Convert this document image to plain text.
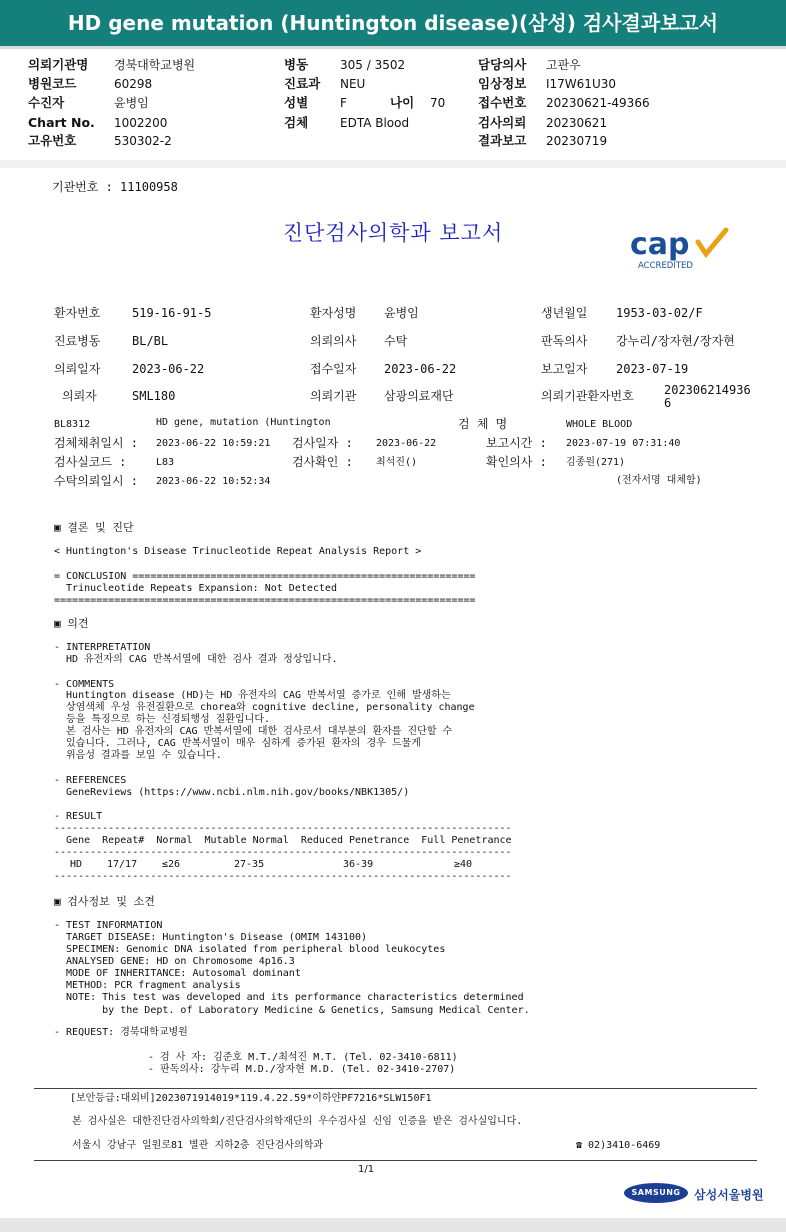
HD gene mutation (Huntington disease)(삼성) 검사결과보고서
의뢰기관명 경북대학교병원
병원코드	60298
수진자	윤병임
Chart No. 1002200
고유번호	530302-2
병동	305 / 3502
진료과 NEU
성별	F	나이 70
검체	EDTA Blood
담당의사 고판우
임상정보 I17W61U30
접수번호 20230621-49366
검사의뢰 20230621
결과보고 20230719
기관번호 : 11100958
진단검사의학과 보고서	cap
ACCREDITED
환자번호	519-16-91-5	환자성명 윤병임	생년월일 1953-03-02/F
진료병동	BL/BL	의뢰의사 수탁	판독의사 강누리/장자현/장자현
의뢰일자	2023-06-22	접수일자 2023-06-22	보고일자 2023-07-19
의뢰자	SML180	의뢰기관 삼광의료재단	의뢰기관환자번호	202306214936
6
BL8312	HD gene, mutation (Huntington	검 체 명	WHOLE BLOOD
검체채취일시 : 2023-06-22 10:59:21 검사일자 : 2023-06-22	보고시간 : 2023-07-19 07:31:40
검사실코드 :	L83	검사확인 : 최석진()	확인의사 : 김종원(271)
수탁의뢰일시 : 2023-06-22 10:52:34	(전자서명 대체함)
▣ 결론 및 진단
< Huntington's Disease Trinucleotide Repeat Analysis Report >
= CONCLUSION =========================================================
Trinucleotide Repeats Expansion: Not Detected
======================================================================
▣ 의견
- INTERPRETATION
HD 유전자의 CAG 반복서열에 대한 검사 결과 정상입니다.
- COMMENTS
Huntington disease (HD)는 HD 유전자의 CAG 반복서열 증가로 인해 발생하는
상염색체 우성 유전질환으로 chorea와 cognitive decline, personality change
등을 특징으로 하는 신경퇴행성 질환입니다.
본 검사는 HD 유전자의 CAG 반복서열에 대한 검사로서 대부분의 환자를 진단할 수
있습니다. 그러나, CAG 반복서열이 매우 심하게 증가된 환자의 경우 드물게
위음성 결과를 보일 수 있습니다.
- REFERENCES
GeneReviews (https://www.ncbi.nlm.nih.gov/books/NBK1305/)
- RESULT
----------------------------------------------------------------------------
Gene  Repeat#  Normal  Mutable Normal  Reduced Penetrance  Full Penetrance
----------------------------------------------------------------------------
HD 17/17 ≤26	27-35	36-39	≥40
----------------------------------------------------------------------------
▣ 검사정보 및 소견
- TEST INFORMATION
TARGET DISEASE: Huntington's Disease (OMIM 143100)
SPECIMEN: Genomic DNA isolated from peripheral blood leukocytes
ANALYSED GENE: HD on Chromosome 4p16.3
MODE OF INHERITANCE: Autosomal dominant
METHOD: PCR fragment analysis
NOTE: This test was developed and its performance characteristics determined
by the Dept. of Laboratory Medicine & Genetics, Samsung Medical Center.
- REQUEST: 경북대학교병원
- 검 사 자: 김준호 M.T./최석진 M.T. (Tel. 02-3410-6811)
- 판독의사: 강누리 M.D./장자현 M.D. (Tel. 02-3410-2707)
[보안등급:대외비]2023071914019*119.4.22.59*이하얀PF7216*SLW150F1
본 검사실은 대한진단검사의학회/진단검사의학재단의 우수검사실 신임 인증을 받은 검사실입니다.
서울시 강남구 일원로81 별관 지하2층 진단검사의학과	☎ 02)3410-6469
1/1
SAMSUNG	삼성서울병원
